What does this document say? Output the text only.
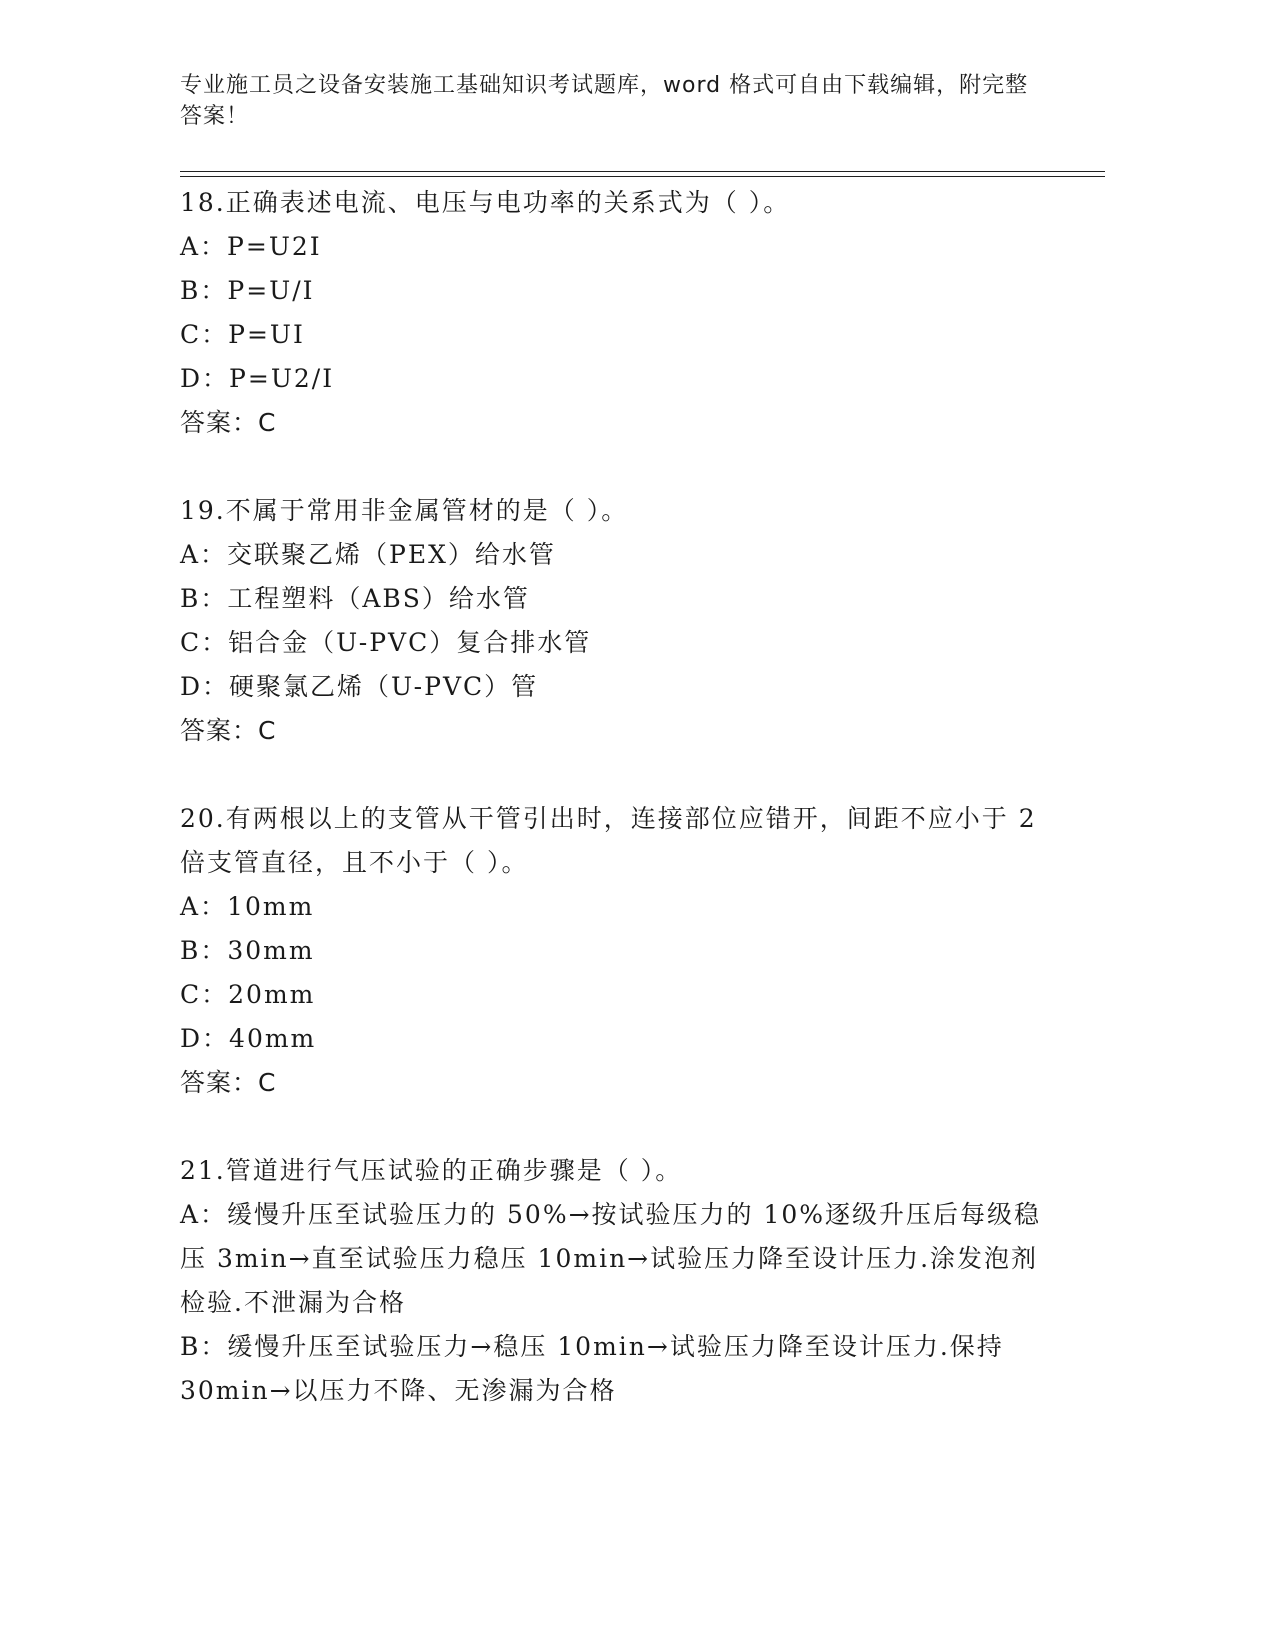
专业施工员之设备安装施工基础知识考试题库，word 格式可自由下载编辑，附完整答案！

18.正确表述电流、电压与电功率的关系式为（ ）。

A：P=U2I

B：P=U/I

C：P=UI

D：P=U2/I

答案：C

19.不属于常用非金属管材的是（ ）。

A：交联聚乙烯（PEX）给水管

B：工程塑料（ABS）给水管

C：铝合金（U-PVC）复合排水管

D：硬聚氯乙烯（U-PVC）管

答案：C

20.有两根以上的支管从干管引出时，连接部位应错开，间距不应小于 2 倍支管直径，且不小于（ ）。

A：10mm

B：30mm

C：20mm

D：40mm

答案：C

21.管道进行气压试验的正确步骤是（ ）。

A：缓慢升压至试验压力的 50%→按试验压力的 10%逐级升压后每级稳压 3min→直至试验压力稳压 10min→试验压力降至设计压力.涂发泡剂检验.不泄漏为合格

B：缓慢升压至试验压力→稳压 10min→试验压力降至设计压力.保持 30min→以压力不降、无渗漏为合格
